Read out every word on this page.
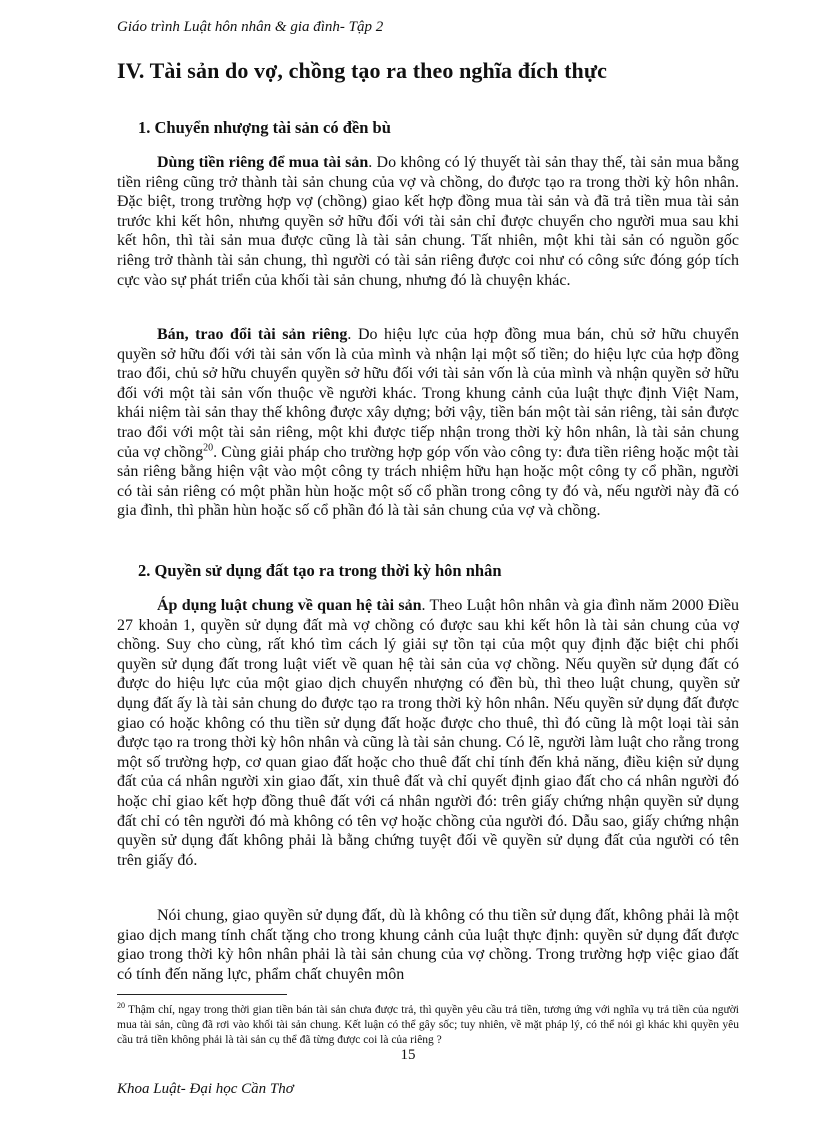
Giáo trình Luật hôn nhân & gia đình- Tập 2
IV. Tài sản do vợ, chồng tạo ra theo nghĩa đích thực
1. Chuyển nhượng tài sản có đền bù

Dùng tiền riêng để mua tài sản. Do không có lý thuyết tài sản thay thế, tài sản mua bằng tiền riêng cũng trở thành tài sản chung của vợ và chồng, do được tạo ra trong thời kỳ hôn nhân. Đặc biệt, trong trường hợp vợ (chồng) giao kết hợp đồng mua tài sản và đã trả tiền mua tài sản trước khi kết hôn, nhưng quyền sở hữu đối với tài sản chỉ được chuyển cho người mua sau khi kết hôn, thì tài sản mua được cũng là tài sản chung. Tất nhiên, một khi tài sản có nguồn gốc riêng trở thành tài sản chung, thì người có tài sản riêng được coi như có công sức đóng góp tích cực vào sự phát triển của khối tài sản chung, nhưng đó là chuyện khác.

Bán, trao đổi tài sản riêng. Do hiệu lực của hợp đồng mua bán, chủ sở hữu chuyển quyền sở hữu đối với tài sản vốn là của mình và nhận lại một số tiền; do hiệu lực của hợp đồng trao đổi, chủ sở hữu chuyển quyền sở hữu đối với tài sản vốn là của mình và nhận quyền sở hữu đối với một tài sản vốn thuộc về người khác. Trong khung cảnh của luật thực định Việt Nam, khái niệm tài sản thay thế không được xây dựng; bởi vậy, tiền bán một tài sản riêng, tài sản được trao đổi với một tài sản riêng, một khi được tiếp nhận trong thời kỳ hôn nhân, là tài sản chung của vợ chồng$^{20}$. Cùng giải pháp cho trường hợp góp vốn vào công ty: đưa tiền riêng hoặc một tài sản riêng bằng hiện vật vào một công ty trách nhiệm hữu hạn hoặc một công ty cổ phần, người có tài sản riêng có một phần hùn hoặc một số cổ phần trong công ty đó và, nếu người này đã có gia đình, thì phần hùn hoặc số cổ phần đó là tài sản chung của vợ và chồng.

2. Quyền sử dụng đất tạo ra trong thời kỳ hôn nhân

Áp dụng luật chung về quan hệ tài sản. Theo Luật hôn nhân và gia đình năm 2000 Điều 27 khoản 1, quyền sử dụng đất mà vợ chồng có được sau khi kết hôn là tài sản chung của vợ chồng. Suy cho cùng, rất khó tìm cách lý giải sự tồn tại của một quy định đặc biệt chi phối quyền sử dụng đất trong luật viết về quan hệ tài sản của vợ chồng. Nếu quyền sử dụng đất có được do hiệu lực của một giao dịch chuyển nhượng có đền bù, thì theo luật chung, quyền sử dụng đất ấy là tài sản chung do được tạo ra trong thời kỳ hôn nhân. Nếu quyền sử dụng đất được giao có hoặc không có thu tiền sử dụng đất hoặc được cho thuê, thì đó cũng là một loại tài sản được tạo ra trong thời kỳ hôn nhân và cũng là tài sản chung. Có lẽ, người làm luật cho rằng trong một số trường hợp, cơ quan giao đất hoặc cho thuê đất chỉ tính đến khả năng, điều kiện sử dụng đất của cá nhân người xin giao đất, xin thuê đất và chỉ quyết định giao đất cho cá nhân người đó hoặc chỉ giao kết hợp đồng thuê đất với cá nhân người đó: trên giấy chứng nhận quyền sử dụng đất chỉ có tên người đó mà không có tên vợ hoặc chồng của người đó. Dẫu sao, giấy chứng nhận quyền sử dụng đất không phải là bằng chứng tuyệt đối về quyền sử dụng đất của người có tên trên giấy đó.

Nói chung, giao quyền sử dụng đất, dù là không có thu tiền sử dụng đất, không phải là một giao dịch mang tính chất tặng cho trong khung cảnh của luật thực định: quyền sử dụng đất được giao trong thời kỳ hôn nhân phải là tài sản chung của vợ chồng. Trong trường hợp việc giao đất có tính đến năng lực, phẩm chất chuyên môn

$^{20}$ Thậm chí, ngay trong thời gian tiền bán tài sản chưa được trả, thì quyền yêu cầu trả tiền, tương ứng với nghĩa vụ trả tiền của người mua tài sản, cũng đã rơi vào khối tài sản chung. Kết luận có thể gây sốc; tuy nhiên, về mặt pháp lý, có thể nói gì khác khi quyền yêu cầu trả tiền không phải là tài sản cụ thể đã từng được coi là của riêng ?

15
Khoa Luật- Đại học Cần Thơ
